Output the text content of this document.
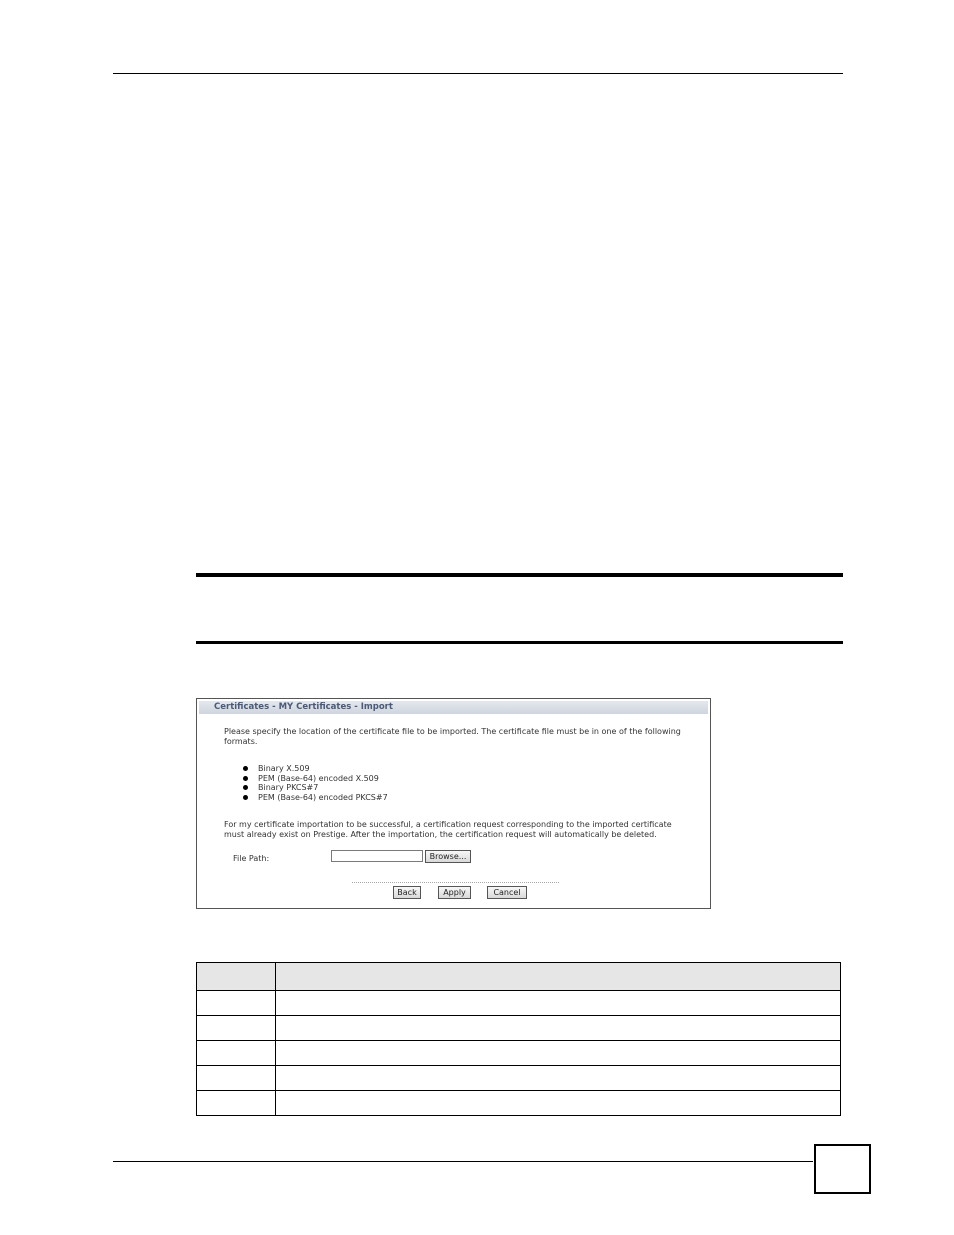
Certificates - MY Certificates - Import
Please specify the location of the certificate file to be imported. The certificate file must be in one of the following formats.
Binary X.509
PEM (Base-64) encoded X.509
Binary PKCS#7
PEM (Base-64) encoded PKCS#7
For my certificate importation to be successful, a certification request corresponding to the imported certificate must already exist on Prestige. After the importation, the certification request will automatically be deleted.
File Path:	Browse...
Back	Apply	Cancel
